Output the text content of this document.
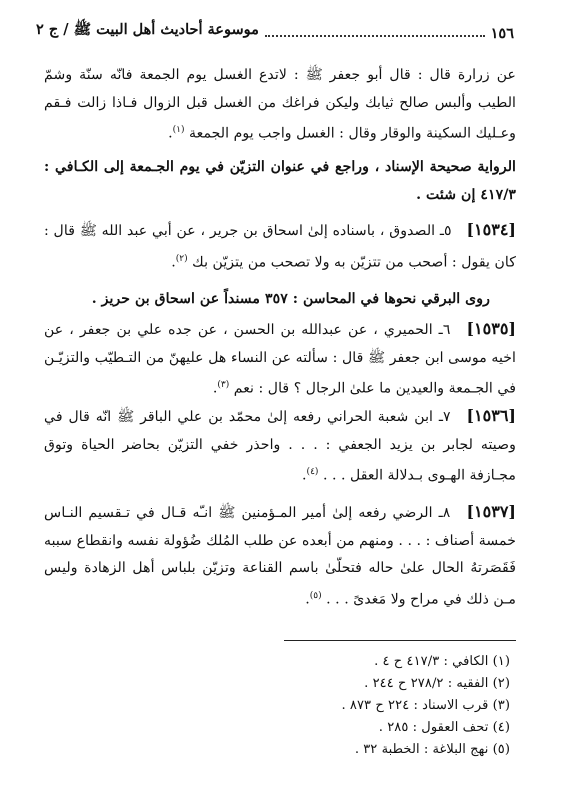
١٥٦
موسوعة أحاديث أهل البيت ﷺ / ج ٢
عن زرارة قال : قال أبو جعفر ﷺ : لاتدع الغسل يوم الجمعة فانّه سنّة وشمّ الطيب وألبس صالح ثيابك وليكن فراغك من الغسل قبل الزوال فـاذا زالت فـقم وعـليك السكينة والوقار وقال : الغسل واجب يوم الجمعة $^{(١)}$.
الرواية صحيحة الإسناد ، وراجع في عنوان التزيّن في يوم الجـمعة إلى الكـافي : ٤١٧/٣ إن شئت .
[١٥٣٤] ٥ـ الصدوق ، باسناده إلىٰ اسحاق بن جرير ، عن أبي عبد الله ﷺ قال : كان يقول : أصحب من تتزيّن به ولا تصحب من يتزيّن بك $^{(٢)}$.
روى البرقي نحوها في المحاسن : ٣٥٧ مسنداً عن اسحاق بن حريز .
[١٥٣٥] ٦ـ الحميري ، عن عبدالله بن الحسن ، عن جده علي بن جعفر ، عن اخيه موسى ابن جعفر ﷺ قال : سألته عن النساء هل عليهنّ من التـطيّب والتزيّـن في الجـمعة والعيدين ما علىٰ الرجال ؟ قال : نعم $^{(٣)}$.
[١٥٣٦] ٧ـ ابن شعبة الحراني رفعه إلىٰ محمّد بن علي الباقر ﷺ انّه قال في وصيته لجابر بن يزيد الجعفي : . . . واحذر خفي التزيّن بحاضر الحياة وتوق مجـازفة الهـوى بـدلالة العقل . . . $^{(٤)}$.
[١٥٣٧] ٨ـ الرضي رفعه إلىٰ أمير المـؤمنين ﷺ انـّه قـال في تـقسيم النـاس خمسة أصناف : . . . ومنهم من أبعده عن طلب المُلك ضُؤولة نفسه وانقطاع سببه فَقَصَرتهُ الحال علىٰ حاله فتحلّىٰ باسم القناعة وتزيّن بلباس أهل الزهادة وليس مـن ذلك في مراح ولا مَغدىً . . . $^{(٥)}$.
(١) الكافي : ٤١٧/٣ ح ٤ .
(٢) الفقيه : ٢٧٨/٢ ح ٢٤٤ .
(٣) قرب الاسناد : ٢٢٤ ح ٨٧٣ .
(٤) تحف العقول : ٢٨٥ .
(٥) نهج البلاغة : الخطبة ٣٢ .
